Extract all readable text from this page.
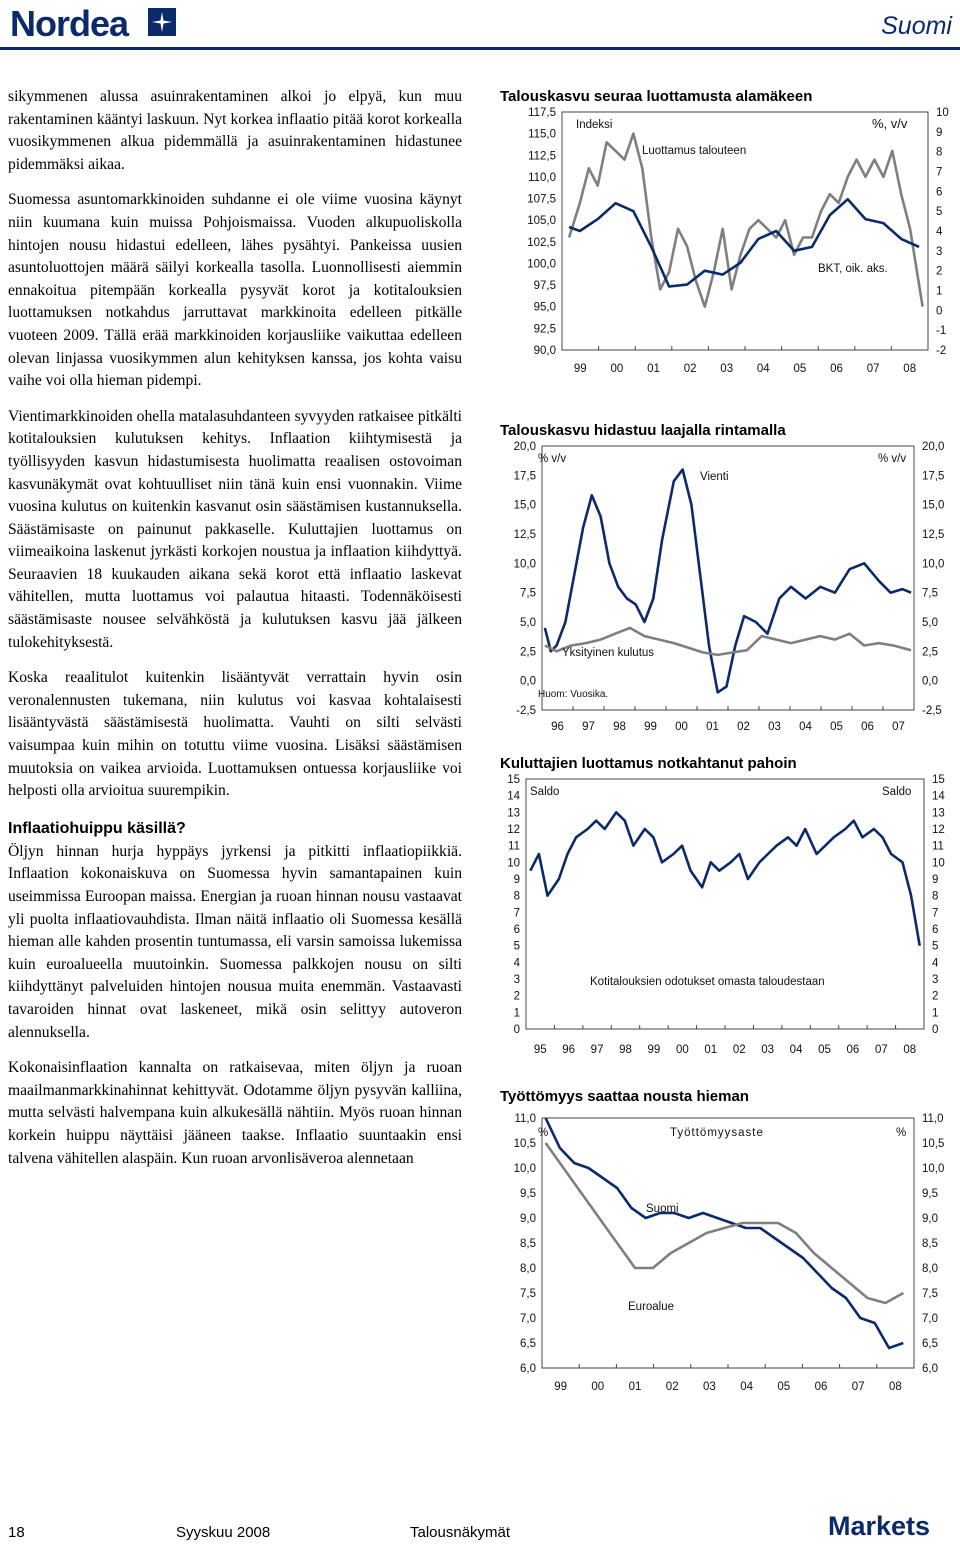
Nordea	Suomi

sikymmenen alussa asuinrakentaminen alkoi jo elpyä, kun muu rakentaminen kääntyi laskuun. Nyt korkea inflaatio pitää korot korkealla vuosikymmenen alkua pidemmällä ja asuinrakentaminen hidastunee pidemmäksi aikaa.

Suomessa asuntomarkkinoiden suhdanne ei ole viime vuosina käynyt niin kuumana kuin muissa Pohjoismaissa. Vuoden alkupuoliskolla hintojen nousu hidastui edelleen, lähes pysähtyi. Pankeissa uusien asuntoluottojen määrä säilyi korkealla tasolla. Luonnollisesti aiemmin ennakoitua pitempään korkealla pysyvät korot ja kotitalouksien luottamuksen notkahdus jarruttavat markkinoita edelleen pitkälle vuoteen 2009. Tällä erää markkinoiden korjausliike vaikuttaa edelleen olevan linjassa vuosikymmen alun kehityksen kanssa, jos kohta vaisu vaihe voi olla hieman pidempi.

Vientimarkkinoiden ohella matalasuhdanteen syvyyden ratkaisee pitkälti kotitalouksien kulutuksen kehitys. Inflaation kiihtymisestä ja työllisyyden kasvun hidastumisesta huolimatta reaalisen ostovoiman kasvunäkymät ovat kohtuulliset niin tänä kuin ensi vuonnakin. Viime vuosina kulutus on kuitenkin kasvanut osin säästämisen kustannuksella. Säästämisaste on painunut pakkaselle. Kuluttajien luottamus on viimeaikoina laskenut jyrkästi korkojen noustua ja inflaation kiihdyttyä. Seuraavien 18 kuukauden aikana sekä korot että inflaatio laskevat vähitellen, mutta luottamus voi palautua hitaasti. Todennäköisesti säästämisaste nousee selvähköstä ja kulutuksen kasvu jää jälkeen tulokehityksestä.

Koska reaalitulot kuitenkin lisääntyvät verrattain hyvin osin veronalennusten tukemana, niin kulutus voi kasvaa kohtalaisesti lisääntyvästä säästämisestä huolimatta. Vauhti on silti selvästi vaisumpaa kuin mihin on totuttu viime vuosina. Lisäksi säästämisen muutoksia on vaikea arvioida. Luottamuksen ontuessa korjausliike voi helposti olla arvioitua suurempikin.

Inflaatiohuippu käsillä?

Öljyn hinnan hurja hyppäys jyrkensi ja pitkitti inflaatiopiikkiä. Inflaation kokonaiskuva on Suomessa hyvin samantapainen kuin useimmissa Euroopan maissa. Energian ja ruoan hinnan nousu vastaavat yli puolta inflaatiovauhdista. Ilman näitä inflaatio oli Suomessa kesällä hieman alle kahden prosentin tuntumassa, eli varsin samoissa lukemissa kuin euroalueella muutoinkin. Suomessa palkkojen nousu on silti kiihdyttänyt palveluiden hintojen nousua muita enemmän. Vastaavasti tavaroiden hinnat ovat laskeneet, mikä osin selittyy autoveron alennuksella.

Kokonaisinflaation kannalta on ratkaisevaa, miten öljyn ja ruoan maailmanmarkkinahinnat kehittyvät. Odotamme öljyn pysyvän kalliina, mutta selvästi halvempana kuin alkukesällä nähtiin. Myös ruoan hinnan korkein huippu näyttäisi jääneen taakse. Inflaatio suuntaakin ensi talvena vähitellen alaspäin. Kun ruoan arvonlisäveroa alennetaan

Talouskasvu seuraa luottamusta alamäkeen
117,5
115,0
112,5
110,0
107,5
105,0
102,5
100,0
97,5
95,0
92,5
90,0
10
9
8
7
6
5
4
3
2
1
0
-1
-2
99 00 01 02 03 04 05 06 07 08
Indeksi	%, v/v
Luottamus talouteen
BKT, oik. aks.
Talouskasvu hidastuu laajalla rintamalla
20,0
17,5
15,0
12,5
10,0
7,5
5,0
2,5
0,0
-2,5
20,0
17,5
15,0
12,5
10,0
7,5
5,0
2,5
0,0
-2,5
96 97 98 99 00 01 02 03 04 05 06 07
% v/v	% v/v
Vienti
Yksityinen kulutus
Huom: Vuosika.
Kuluttajien luottamus notkahtanut pahoin
15
14
13
12
11
10
9
8
7
6
5
4
3
2
1
0
15
14
13
12
11
10
9
8
7
6
5
4
3
2
1
0
95 96 97 98 99 00 01 02 03 04 05 06 07 08
Saldo	Saldo
Kotitalouksien odotukset omasta taloudestaan
Työttömyys saattaa nousta hieman
11,0
10,5
10,0
9,5
9,0
8,5
8,0
7,5
7,0
6,5
6,0
11,0
10,5
10,0
9,5
9,0
8,5
8,0
7,5
7,0
6,5
6,0
99 00 01 02 03 04 05 06 07 08
%	%
Työttömyysaste
Suomi
Euroalue
18	Syyskuu 2008	Talousnäkymät	Markets
